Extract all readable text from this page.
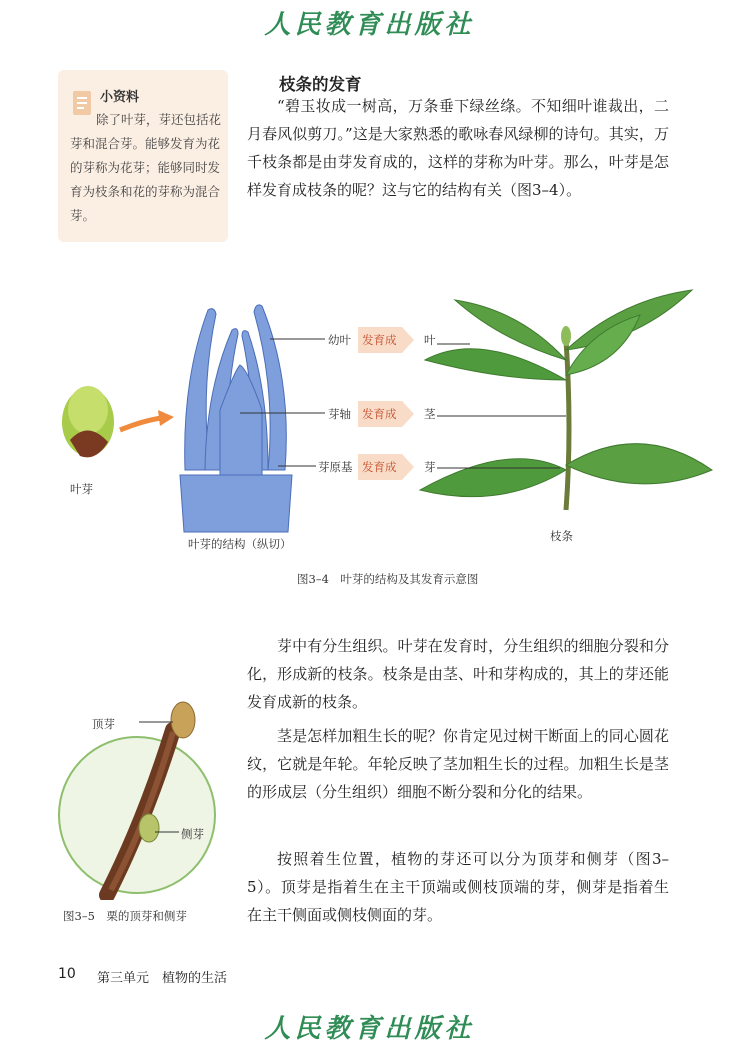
人民教育出版社
小资料
除了叶芽，芽还包括花芽和混合芽。能够发育为花的芽称为花芽；能够同时发育为枝条和花的芽称为混合芽。
枝条的发育
“碧玉妆成一树高，万条垂下绿丝绦。不知细叶谁裁出，二月春风似剪刀。”这是大家熟悉的歌咏春风绿柳的诗句。其实，万千枝条都是由芽发育成的，这样的芽称为叶芽。那么，叶芽是怎样发育成枝条的呢？这与它的结构有关（图3–4）。
幼叶 发育成 叶
芽轴 发育成 茎
芽原基 发育成 芽
叶芽
叶芽的结构（纵切）
枝条
图3–4　叶芽的结构及其发育示意图
芽中有分生组织。叶芽在发育时，分生组织的细胞分裂和分化，形成新的枝条。枝条是由茎、叶和芽构成的，其上的芽还能发育成新的枝条。
茎是怎样加粗生长的呢？你肯定见过树干断面上的同心圆花纹，它就是年轮。年轮反映了茎加粗生长的过程。加粗生长是茎的形成层（分生组织）细胞不断分裂和分化的结果。
按照着生位置，植物的芽还可以分为顶芽和侧芽（图3–5）。顶芽是指着生在主干顶端或侧枝顶端的芽，侧芽是指着生在主干侧面或侧枝侧面的芽。
顶芽
侧芽
图3–5　栗的顶芽和侧芽
10 第三单元　植物的生活
人民教育出版社
